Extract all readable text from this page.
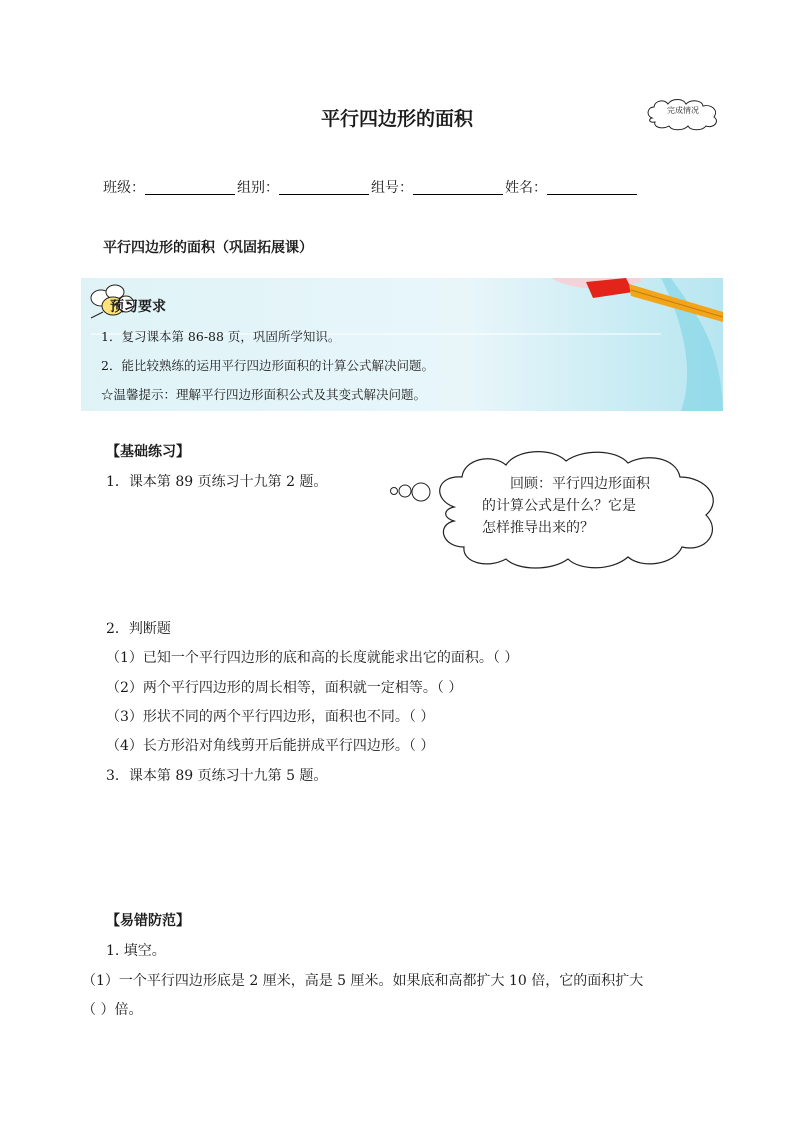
平行四边形的面积	完成情况
班级：	组别：	组号：	姓名：
平行四边形的面积（巩固拓展课）
预习要求
1．复习课本第 86-88 页，巩固所学知识。
2．能比较熟练的运用平行四边形面积的计算公式解决问题。
☆温馨提示：理解平行四边形面积公式及其变式解决问题。
【基础练习】
1．课本第 89 页练习十九第 2 题。	回顾：平行四边形面积
的计算公式是什么？它是
怎样推导出来的？
2．判断题
（1）已知一个平行四边形的底和高的长度就能求出它的面积。（ ）
（2）两个平行四边形的周长相等，面积就一定相等。（ ）
（3）形状不同的两个平行四边形，面积也不同。（ ）
（4）长方形沿对角线剪开后能拼成平行四边形。（ ）
3．课本第 89 页练习十九第 5 题。
【易错防范】
1. 填空。
（1）一个平行四边形底是 2 厘米，高是 5 厘米。如果底和高都扩大 10 倍，它的面积扩大
（ ）倍。
